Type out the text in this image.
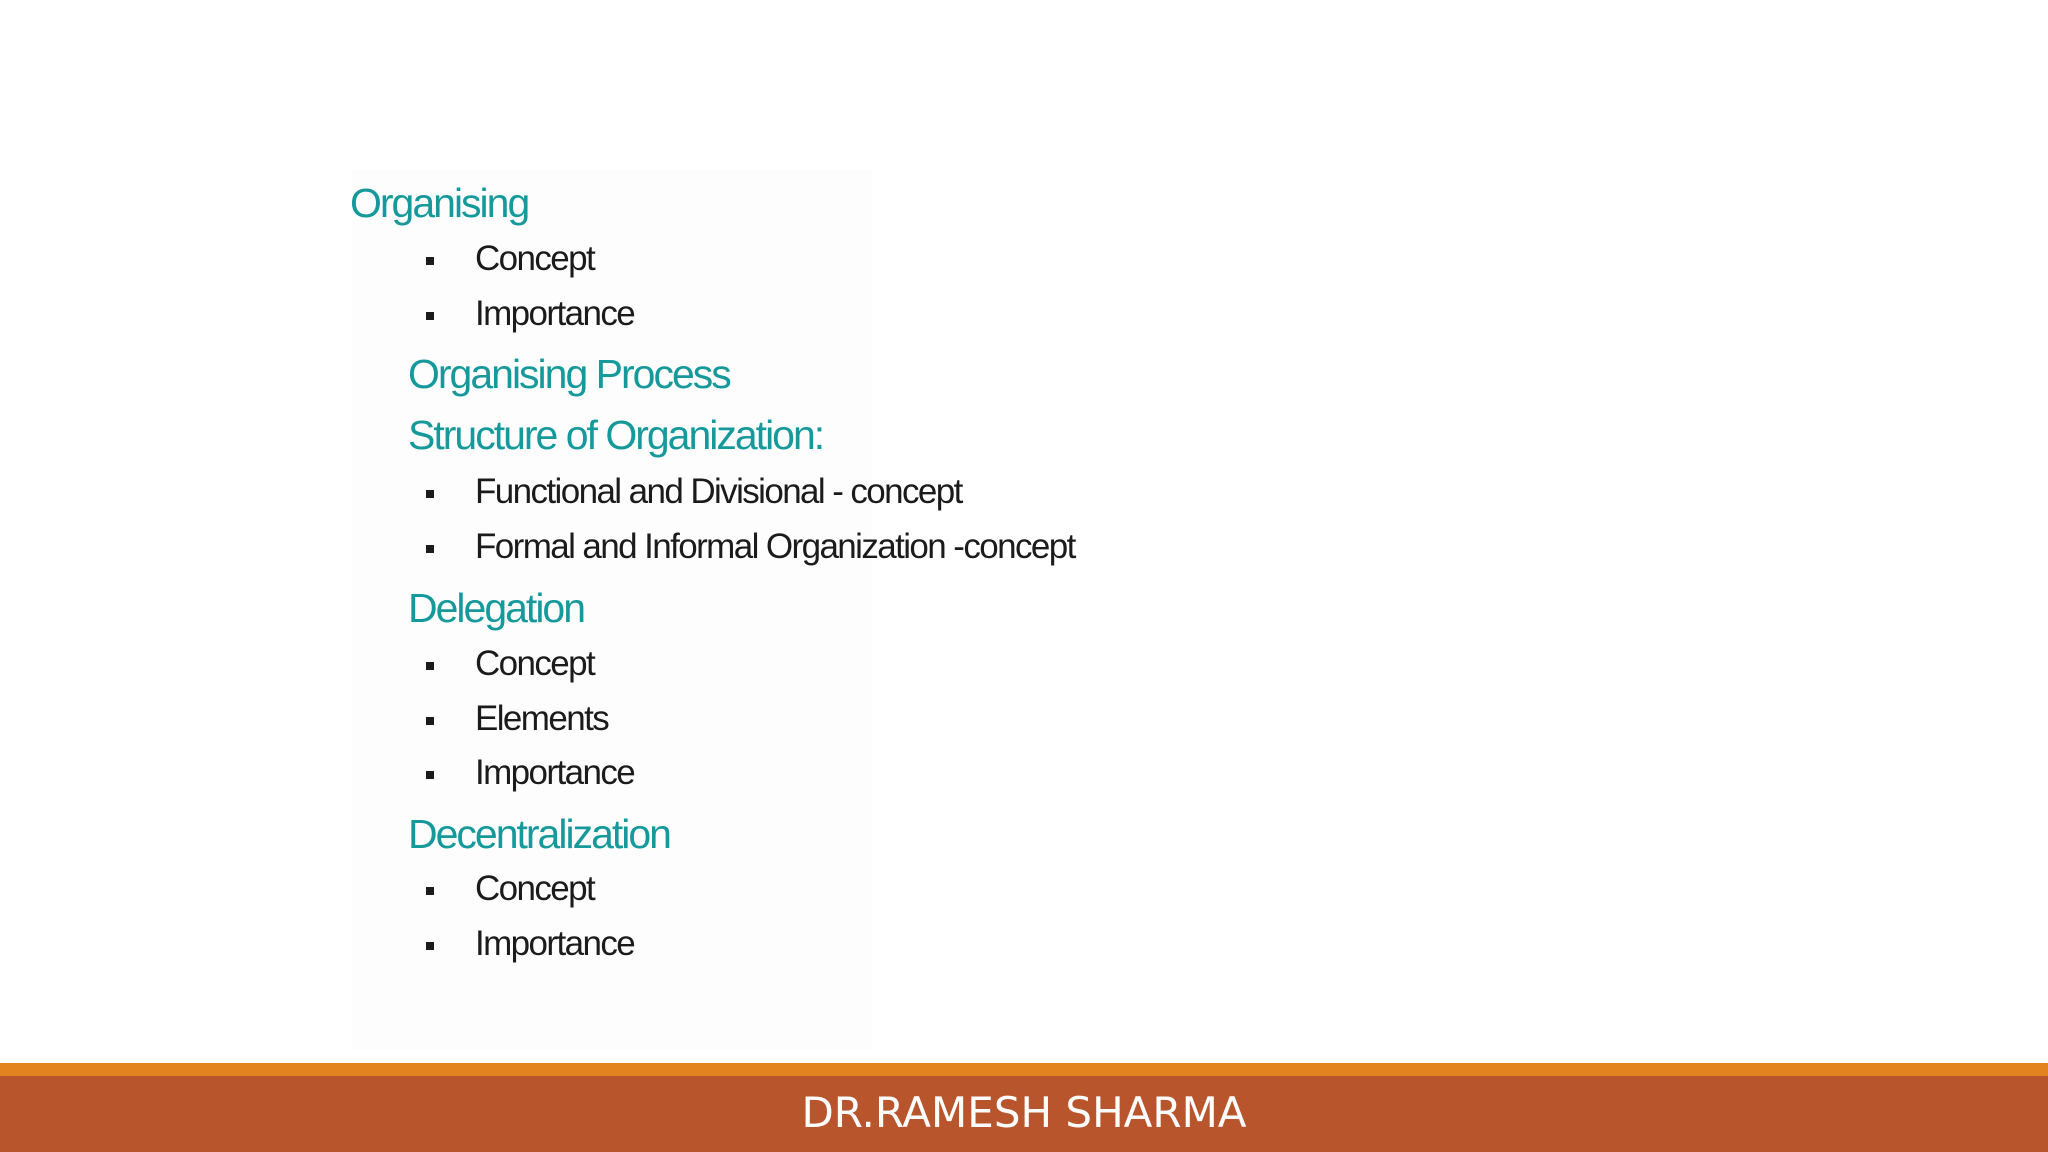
Organising
Concept
Importance
Organising Process
Structure of Organization:
Functional and Divisional - concept
Formal and Informal Organization -concept
Delegation
Concept
Elements
Importance
Decentralization
Concept
Importance
DR.RAMESH SHARMA
